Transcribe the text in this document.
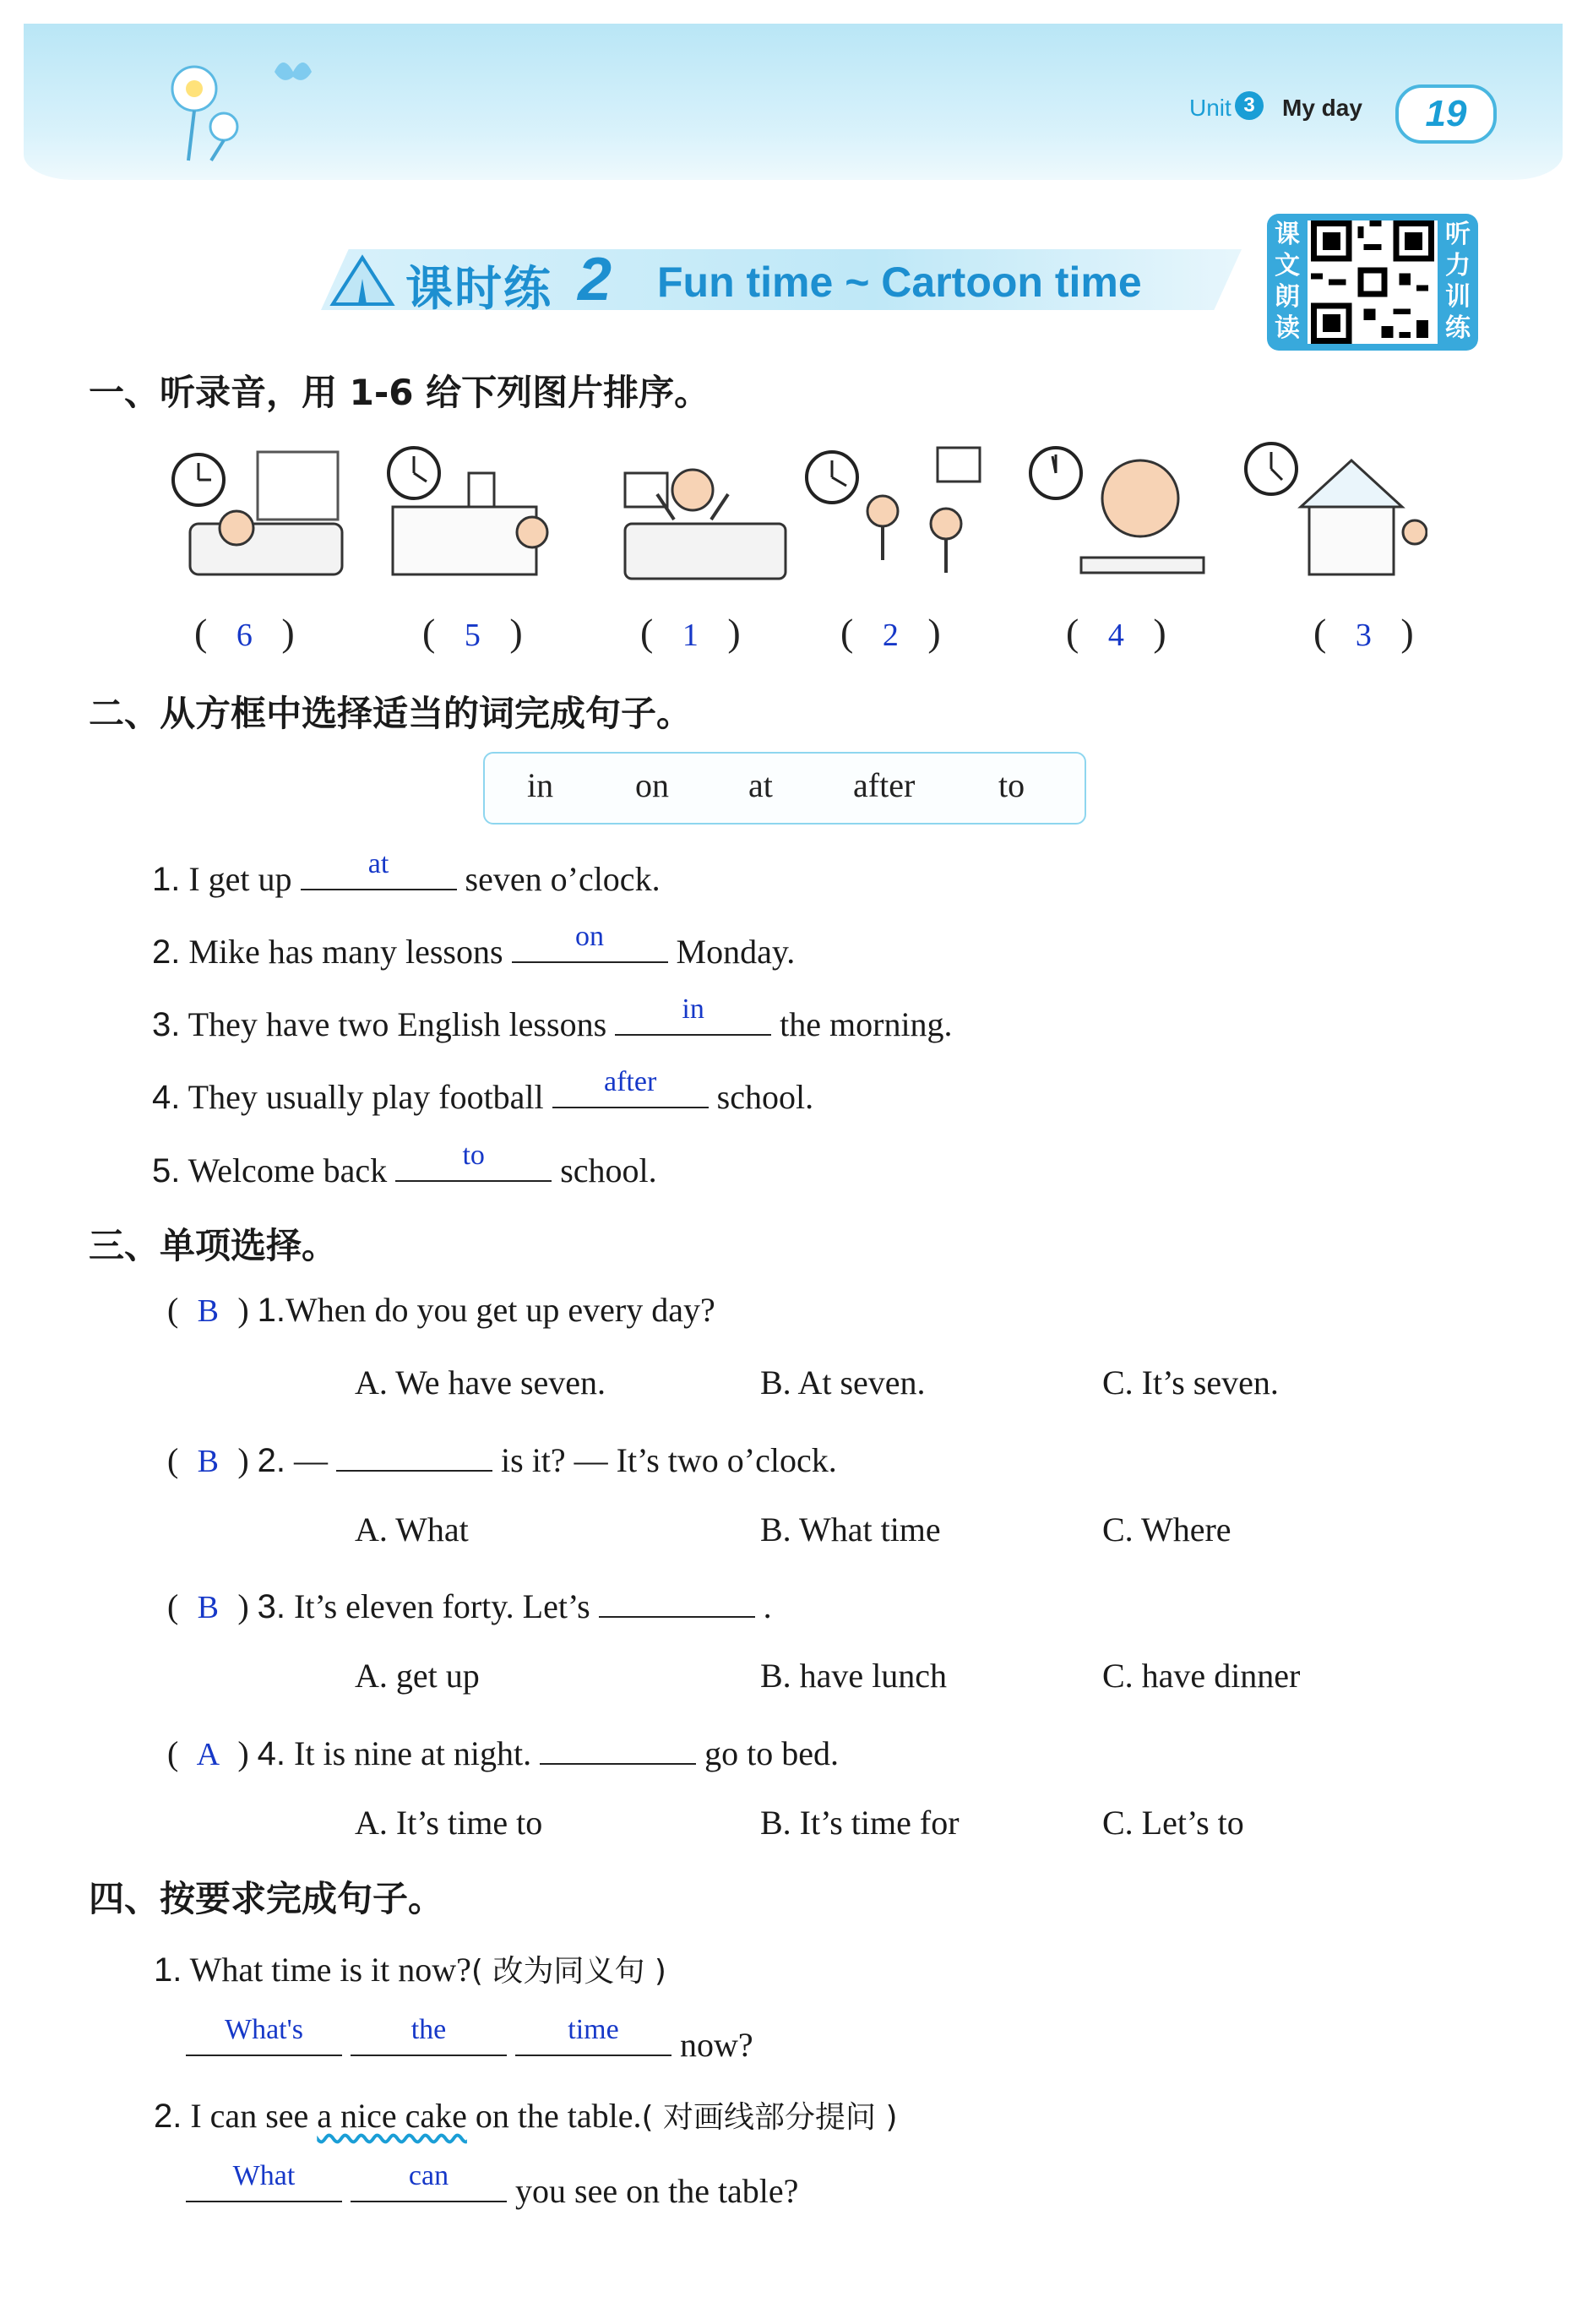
Unit 3	My day	19
课时练 2 Fun time ~ Cartoon time
课文朗读
听力训练
一、听录音，用 1-6 给下列图片排序。
(   6   )	(   5   )	(   1   )	(   2   )	(   4   )	(   3   )
二、从方框中选择适当的词完成句子。
in on at after to
1. I get up	at	seven o’clock.
2. Mike has many lessons	on	Monday.
3. They have two English lessons	in	the morning.
4. They usually play football	after	school.
5. Welcome back	to	school.
三、单项选择。
( B ) 1.When do you get up every day?
A. We have seven.	B. At seven.	C. It’s seven.
( B ) 2. —	is it? — It’s two o’clock.
A. What	B. What time	C. Where
( B ) 3. It’s eleven forty. Let’s	.
A. get up	B. have lunch	C. have dinner
( A ) 4. It is nine at night.	go to bed.
A. It’s time to	B. It’s time for	C. Let’s to
四、按要求完成句子。
1. What time is it now?( 改为同义句 )
What's
	the
	time	now?
2. I can see a nice cake on the table.( 对画线部分提问 )
What
	can	you see on the table?
